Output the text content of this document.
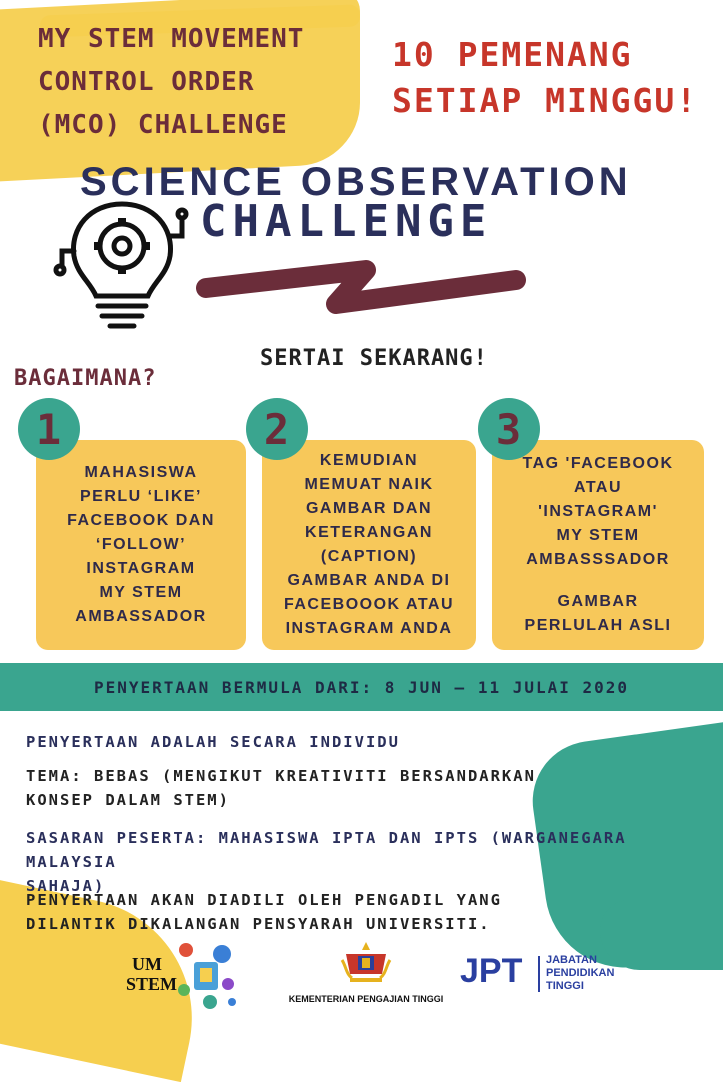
MY STEM MOVEMENT
CONTROL ORDER
(MCO) CHALLENGE
10 PEMENANG
SETIAP MINGGU!
SCIENCE OBSERVATION
CHALLENGE
SERTAI SEKARANG!
BAGAIMANA?
MAHASISWA
PERLU ‘LIKE’
FACEBOOK DAN
‘FOLLOW’
INSTAGRAM
MY STEM
AMBASSADOR
1
KEMUDIAN
MEMUAT NAIK
GAMBAR DAN
KETERANGAN
(CAPTION)
GAMBAR ANDA DI
FACEBOOOK ATAU
INSTAGRAM ANDA
2
TAG 'FACEBOOK
ATAU
'INSTAGRAM'
MY STEM
AMBASSSADOR
GAMBAR
PERLULAH ASLI
3
PENYERTAAN BERMULA DARI: 8 JUN – 11 JULAI 2020
PENYERTAAN ADALAH SECARA INDIVIDU
TEMA: BEBAS (MENGIKUT KREATIVITI BERSANDARKAN
KONSEP DALAM STEM)
SASARAN PESERTA: MAHASISWA IPTA DAN IPTS (WARGANEGARA MALAYSIA
SAHAJA)
PENYERTAAN AKAN DIADILI OLEH PENGADIL YANG
DILANTIK DIKALANGAN PENSYARAH UNIVERSITI.
UM
STEM
KEMENTERIAN PENGAJIAN TINGGI
JPT JABATAN
PENDIDIKAN
TINGGI
